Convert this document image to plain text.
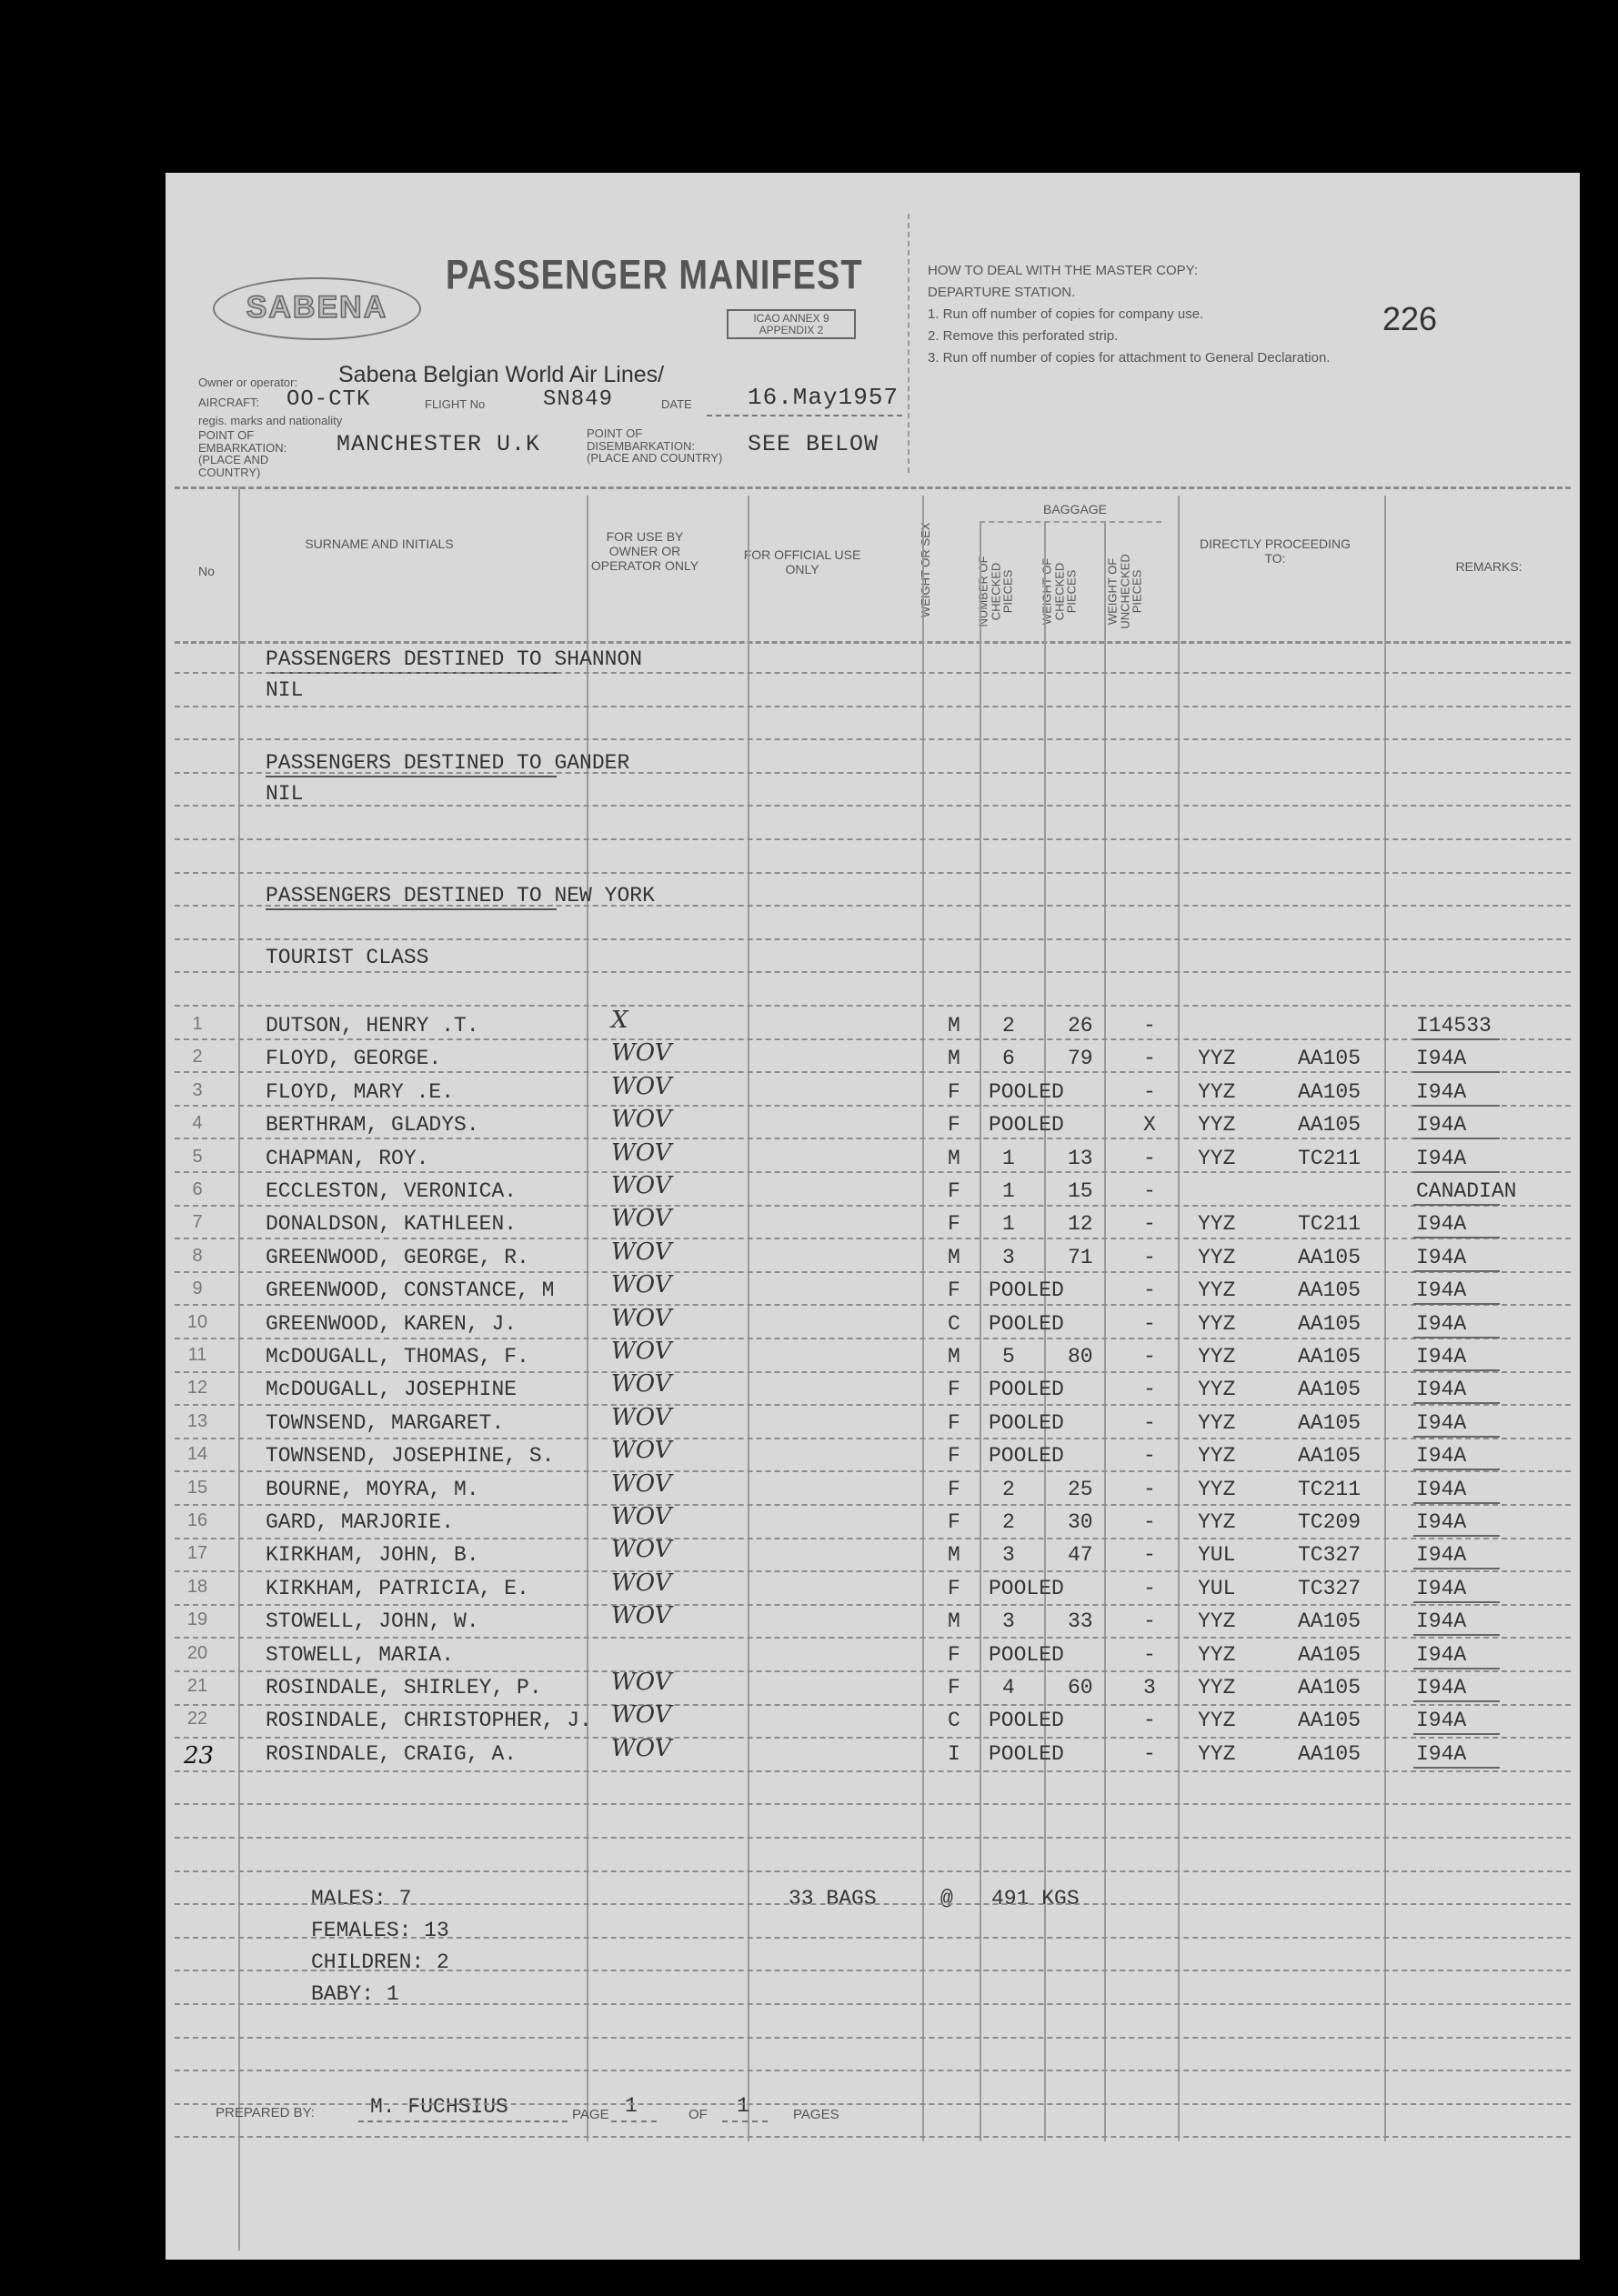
SABENA
PASSENGER MANIFEST
ICAO ANNEX 9 APPENDIX 2
HOW TO DEAL WITH THE MASTER COPY:
DEPARTURE STATION.
1. Run off number of copies for company use.
2. Remove this perforated strip.
3. Run off number of copies for attachment to General Declaration.
226
Owner or operator: Sabena Belgian World Air Lines/
AIRCRAFT: OO-CTK	FLIGHT No	SN849	DATE 16.May1957
regis. marks and nationality
POINT OF EMBARKATION: (PLACE AND COUNTRY)
MANCHESTER U.K	POINT OF DISEMBARKATION: (PLACE AND COUNTRY)
SEE BELOW
No
SURNAME AND INITIALS	FOR USE BY OWNER OR OPERATOR ONLY
FOR OFFICIAL USE ONLY	WEIGHT OR SEX
BAGGAGE
NUMBER OF CHECKED PIECES WEIGHT OF CHECKED PIECES WEIGHT OF UNCHECKED PIECES
DIRECTLY PROCEEDING TO:
REMARKS:
PASSENGERS DESTINED TO SHANNON
NIL
PASSENGERS DESTINED TO GANDER
NIL
PASSENGERS DESTINED TO NEW YORK
TOURIST CLASS
MALES: 7
FEMALES: 13
CHILDREN: 2
BABY: 1
33 BAGS	@ 491 KGS
PREPARED BY:	M. FUCHSIUS	PAGE 1	OF 1	PAGES
1	DUTSON, HENRY .T.	X	M 2	26 -	I14533
2	FLOYD, GEORGE.	WOV	M 6	79 - YYZ	AA105	I94A
3	FLOYD, MARY .E.	WOV	F POOLED	- YYZ	AA105	I94A
4	BERTHRAM, GLADYS.	WOV	F POOLED	X YYZ	AA105	I94A
5	CHAPMAN, ROY.	WOV	M 1	13 - YYZ	TC211	I94A
6	ECCLESTON, VERONICA.	WOV	F 1	15 -	CANADIAN
7	DONALDSON, KATHLEEN.	WOV	F 1	12 - YYZ	TC211	I94A
8	GREENWOOD, GEORGE, R.	WOV	M 3	71 - YYZ	AA105	I94A
9	GREENWOOD, CONSTANCE, M WOV	F POOLED	- YYZ	AA105	I94A
10	GREENWOOD, KAREN, J.	WOV	C POOLED	- YYZ	AA105	I94A
11	McDOUGALL, THOMAS, F.	WOV	M 5	80 - YYZ	AA105	I94A
12	McDOUGALL, JOSEPHINE	WOV	F POOLED	- YYZ	AA105	I94A
13	TOWNSEND, MARGARET.	WOV	F POOLED	- YYZ	AA105	I94A
14	TOWNSEND, JOSEPHINE, S. WOV	F POOLED	- YYZ	AA105	I94A
15	BOURNE, MOYRA, M.	WOV	F 2	25 - YYZ	TC211	I94A
16	GARD, MARJORIE.	WOV	F 2	30 - YYZ	TC209	I94A
17	KIRKHAM, JOHN, B.	WOV	M 3	47 - YUL	TC327	I94A
18	KIRKHAM, PATRICIA, E.	WOV	F POOLED	- YUL	TC327	I94A
19	STOWELL, JOHN, W.	WOV	M 3	33 - YYZ	AA105	I94A
20	STOWELL, MARIA.	F POOLED	- YYZ	AA105	I94A
21	ROSINDALE, SHIRLEY, P.	WOV	F 4	60 3 YYZ	AA105	I94A
22	ROSINDALE, CHRISTOPHER, J. WOV	C POOLED	- YYZ	AA105	I94A
23 ROSINDALE, CRAIG, A.	WOV	I POOLED	- YYZ	AA105	I94A
